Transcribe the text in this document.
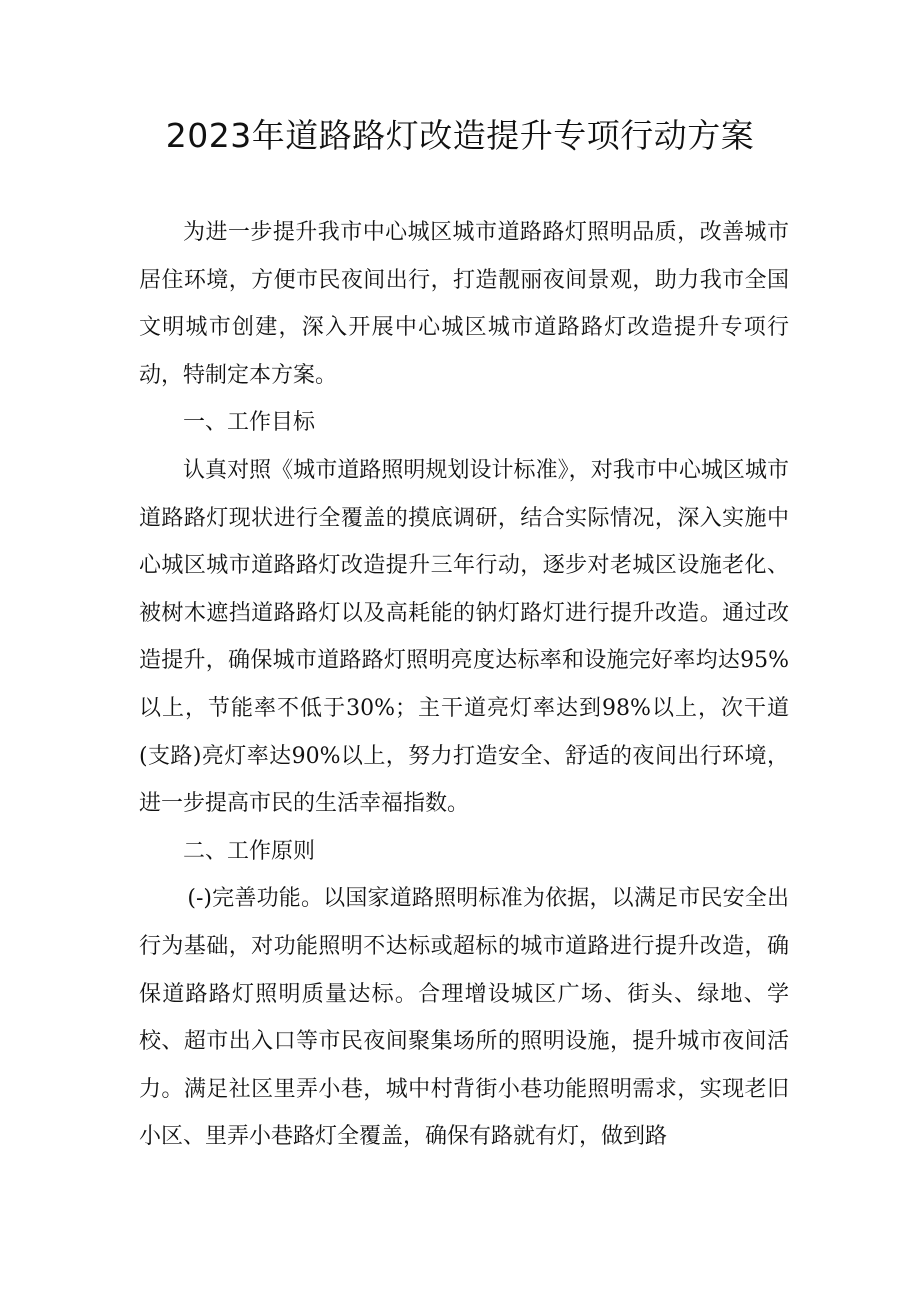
2023年道路路灯改造提升专项行动方案

为进一步提升我市中心城区城市道路路灯照明品质，改善城市居住环境，方便市民夜间出行，打造靓丽夜间景观，助力我市全国文明城市创建，深入开展中心城区城市道路路灯改造提升专项行动，特制定本方案。

一、工作目标

认真对照《城市道路照明规划设计标准》，对我市中心城区城市道路路灯现状进行全覆盖的摸底调研，结合实际情况，深入实施中心城区城市道路路灯改造提升三年行动，逐步对老城区设施老化、被树木遮挡道路路灯以及高耗能的钠灯路灯进行提升改造。通过改造提升，确保城市道路路灯照明亮度达标率和设施完好率均达95%以上，节能率不低于30%；主干道亮灯率达到98%以上，次干道(支路)亮灯率达90%以上，努力打造安全、舒适的夜间出行环境，进一步提高市民的生活幸福指数。

二、工作原则

(-)完善功能。以国家道路照明标准为依据，以满足市民安全出行为基础，对功能照明不达标或超标的城市道路进行提升改造，确保道路路灯照明质量达标。合理增设城区广场、街头、绿地、学校、超市出入口等市民夜间聚集场所的照明设施，提升城市夜间活力。满足社区里弄小巷，城中村背街小巷功能照明需求，实现老旧小区、里弄小巷路灯全覆盖，确保有路就有灯，做到路
